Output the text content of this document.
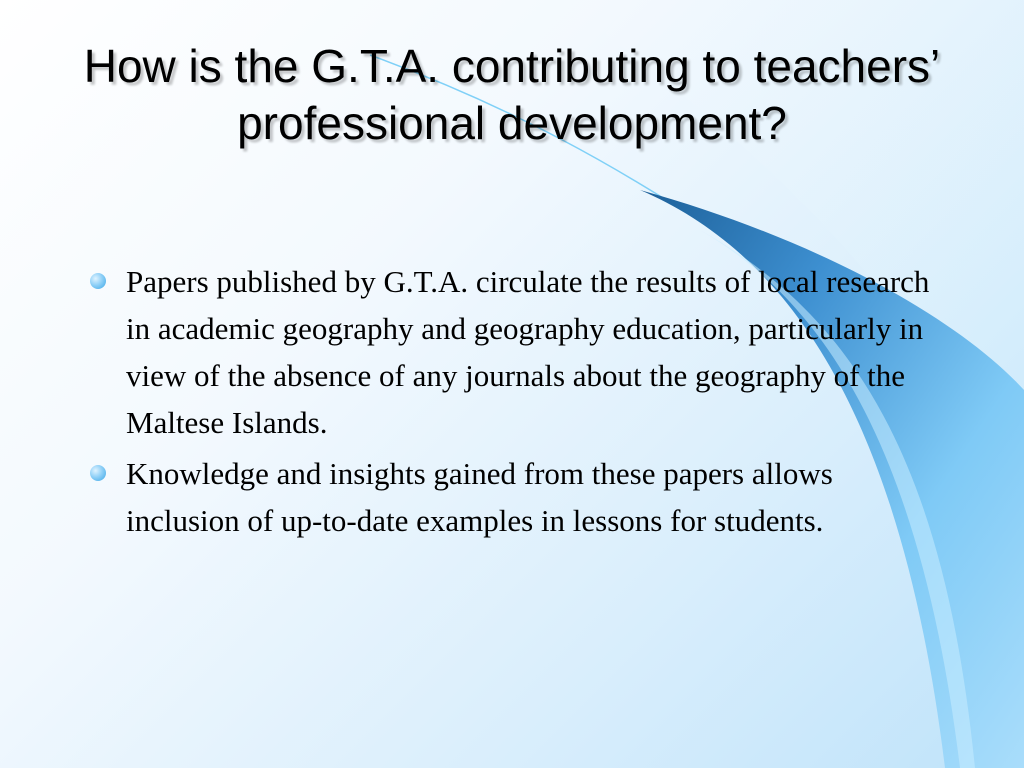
How is the G.T.A. contributing to teachers’ professional development?
Papers published by G.T.A. circulate the results of local research in academic geography and geography education, particularly in view of the absence of any journals about the geography of the Maltese Islands.
Knowledge and insights gained from these papers allows inclusion of up-to-date examples in lessons for students.
